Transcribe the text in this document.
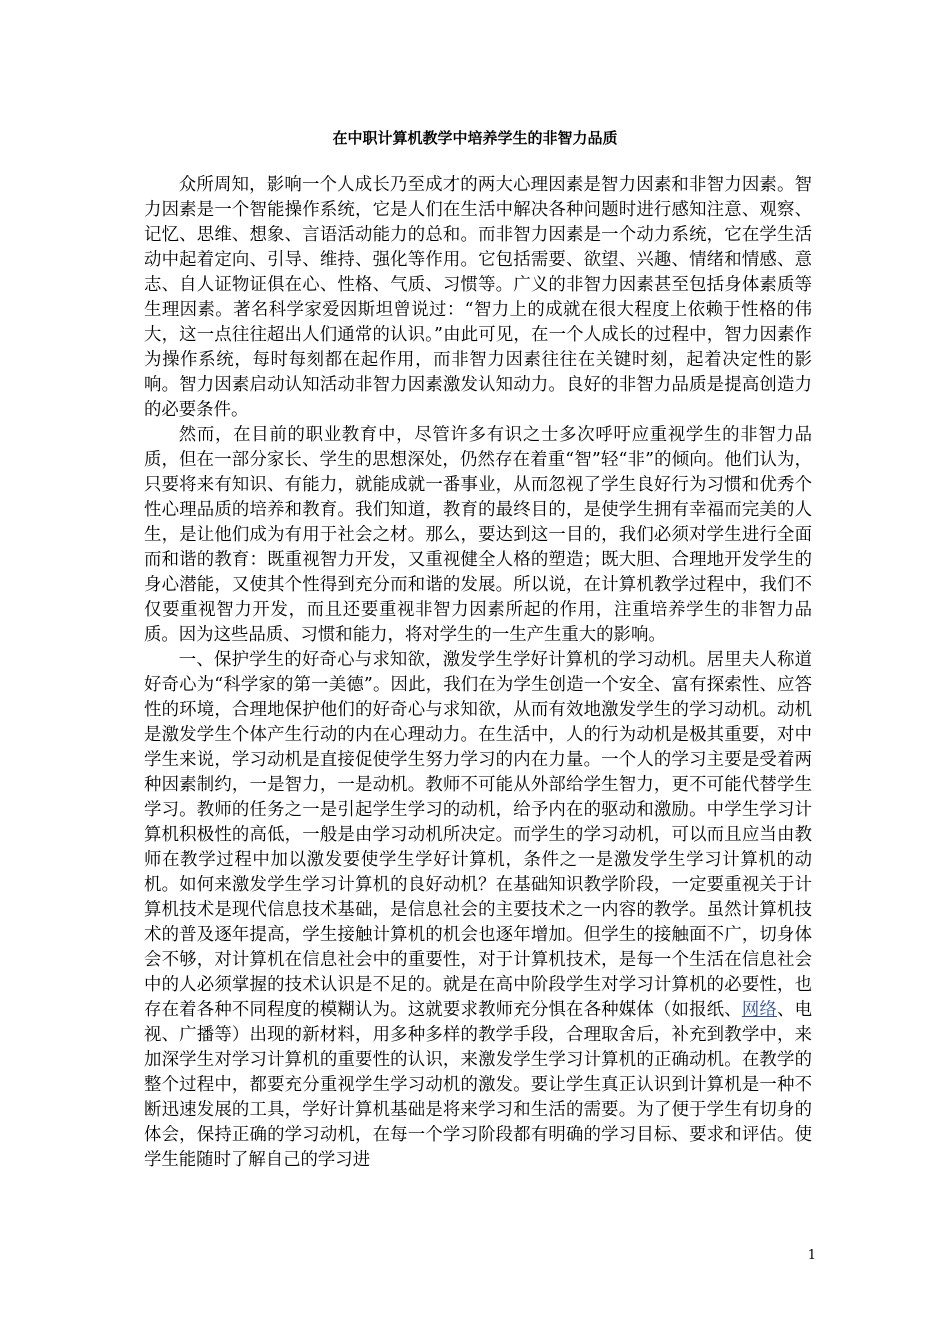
在中职计算机教学中培养学生的非智力品质

众所周知，影响一个人成长乃至成才的两大心理因素是智力因素和非智力因素。智力因素是一个智能操作系统，它是人们在生活中解决各种问题时进行感知注意、观察、记忆、思维、想象、言语活动能力的总和。而非智力因素是一个动力系统，它在学生活动中起着定向、引导、维持、强化等作用。它包括需要、欲望、兴趣、情绪和情感、意志、自人证物证俱在心、性格、气质、习惯等。广义的非智力因素甚至包括身体素质等生理因素。著名科学家爱因斯坦曾说过：“智力上的成就在很大程度上依赖于性格的伟大，这一点往往超出人们通常的认识。”由此可见，在一个人成长的过程中，智力因素作为操作系统，每时每刻都在起作用，而非智力因素往往在关键时刻，起着决定性的影响。智力因素启动认知活动非智力因素激发认知动力。良好的非智力品质是提高创造力的必要条件。

然而，在目前的职业教育中，尽管许多有识之士多次呼吁应重视学生的非智力品质，但在一部分家长、学生的思想深处，仍然存在着重“智”轻“非”的倾向。他们认为，只要将来有知识、有能力，就能成就一番事业，从而忽视了学生良好行为习惯和优秀个性心理品质的培养和教育。我们知道，教育的最终目的，是使学生拥有幸福而完美的人生，是让他们成为有用于社会之材。那么，要达到这一目的，我们必须对学生进行全面而和谐的教育：既重视智力开发，又重视健全人格的塑造；既大胆、合理地开发学生的身心潜能，又使其个性得到充分而和谐的发展。所以说，在计算机教学过程中，我们不仅要重视智力开发，而且还要重视非智力因素所起的作用，注重培养学生的非智力品质。因为这些品质、习惯和能力，将对学生的一生产生重大的影响。

一、保护学生的好奇心与求知欲，激发学生学好计算机的学习动机。居里夫人称道好奇心为“科学家的第一美德”。因此，我们在为学生创造一个安全、富有探索性、应答性的环境，合理地保护他们的好奇心与求知欲，从而有效地激发学生的学习动机。动机是激发学生个体产生行动的内在心理动力。在生活中，人的行为动机是极其重要，对中学生来说，学习动机是直接促使学生努力学习的内在力量。一个人的学习主要是受着两种因素制约，一是智力，一是动机。教师不可能从外部给学生智力，更不可能代替学生学习。教师的任务之一是引起学生学习的动机，给予内在的驱动和激励。中学生学习计算机积极性的高低，一般是由学习动机所决定。而学生的学习动机，可以而且应当由教师在教学过程中加以激发要使学生学好计算机，条件之一是激发学生学习计算机的动机。如何来激发学生学习计算机的良好动机？在基础知识教学阶段，一定要重视关于计算机技术是现代信息技术基础，是信息社会的主要技术之一内容的教学。虽然计算机技术的普及逐年提高，学生接触计算机的机会也逐年增加。但学生的接触面不广，切身体会不够，对计算机在信息社会中的重要性，对于计算机技术，是每一个生活在信息社会中的人必须掌握的技术认识是不足的。就是在高中阶段学生对学习计算机的必要性，也存在着各种不同程度的模糊认为。这就要求教师充分惧在各种媒体（如报纸、网络、电视、广播等）出现的新材料，用多种多样的教学手段，合理取舍后，补充到教学中，来加深学生对学习计算机的重要性的认识，来激发学生学习计算机的正确动机。在教学的整个过程中，都要充分重视学生学习动机的激发。要让学生真正认识到计算机是一种不断迅速发展的工具，学好计算机基础是将来学习和生活的需要。为了便于学生有切身的体会，保持正确的学习动机，在每一个学习阶段都有明确的学习目标、要求和评估。使学生能随时了解自己的学习进

1
